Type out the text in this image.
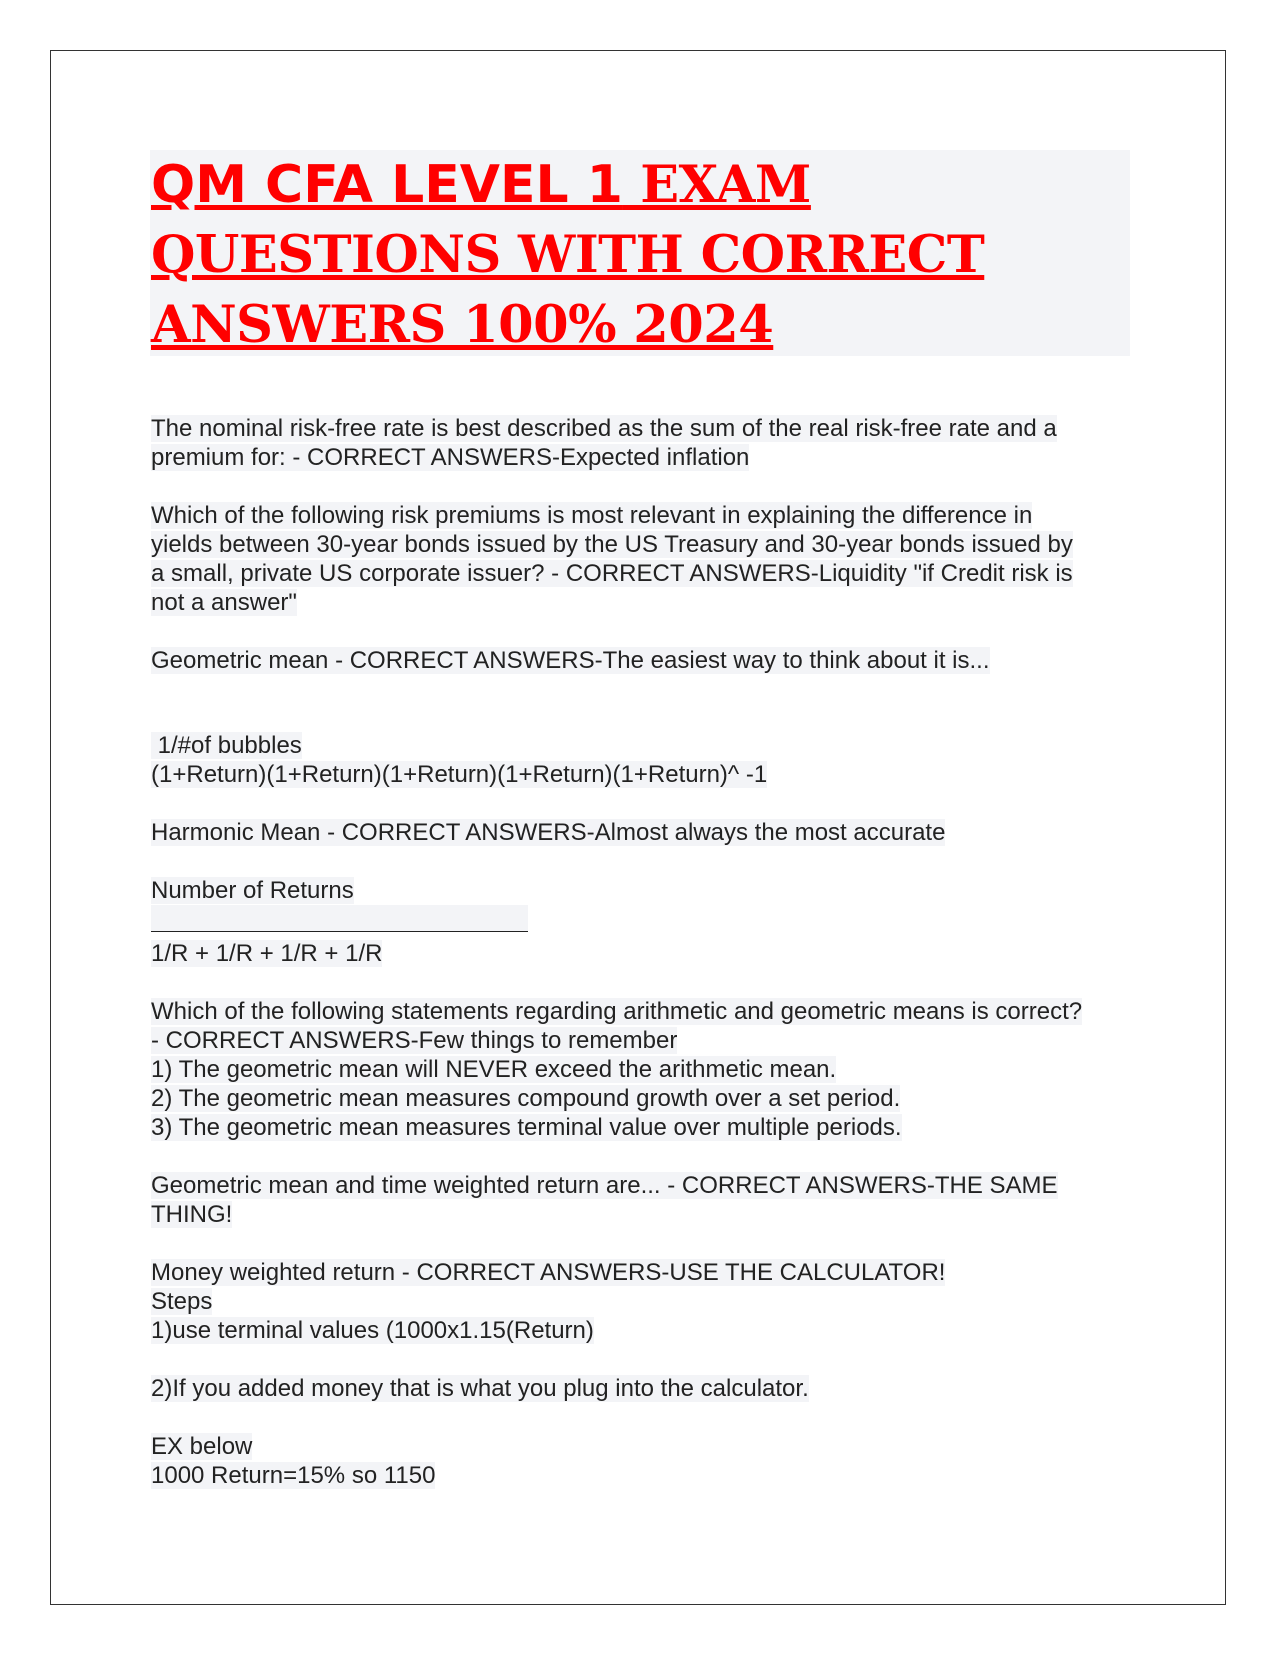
QM CFA LEVEL 1 EXAM
QUESTIONS WITH CORRECT
ANSWERS 100% 2024
The nominal risk-free rate is best described as the sum of the real risk-free rate and a
premium for: - CORRECT ANSWERS-Expected inflation
Which of the following risk premiums is most relevant in explaining the difference in
yields between 30-year bonds issued by the US Treasury and 30-year bonds issued by
a small, private US corporate issuer? - CORRECT ANSWERS-Liquidity "if Credit risk is
not a answer"
Geometric mean - CORRECT ANSWERS-The easiest way to think about it is...
1/#of bubbles
(1+Return)(1+Return)(1+Return)(1+Return)(1+Return)^ -1
Harmonic Mean - CORRECT ANSWERS-Almost always the most accurate
Number of Returns
1/R + 1/R + 1/R + 1/R
Which of the following statements regarding arithmetic and geometric means is correct?
- CORRECT ANSWERS-Few things to remember
1) The geometric mean will NEVER exceed the arithmetic mean.
2) The geometric mean measures compound growth over a set period.
3) The geometric mean measures terminal value over multiple periods.
Geometric mean and time weighted return are... - CORRECT ANSWERS-THE SAME
THING!
Money weighted return - CORRECT ANSWERS-USE THE CALCULATOR!
Steps
1)use terminal values (1000x1.15(Return)
2)If you added money that is what you plug into the calculator.
EX below
1000 Return=15% so 1150
